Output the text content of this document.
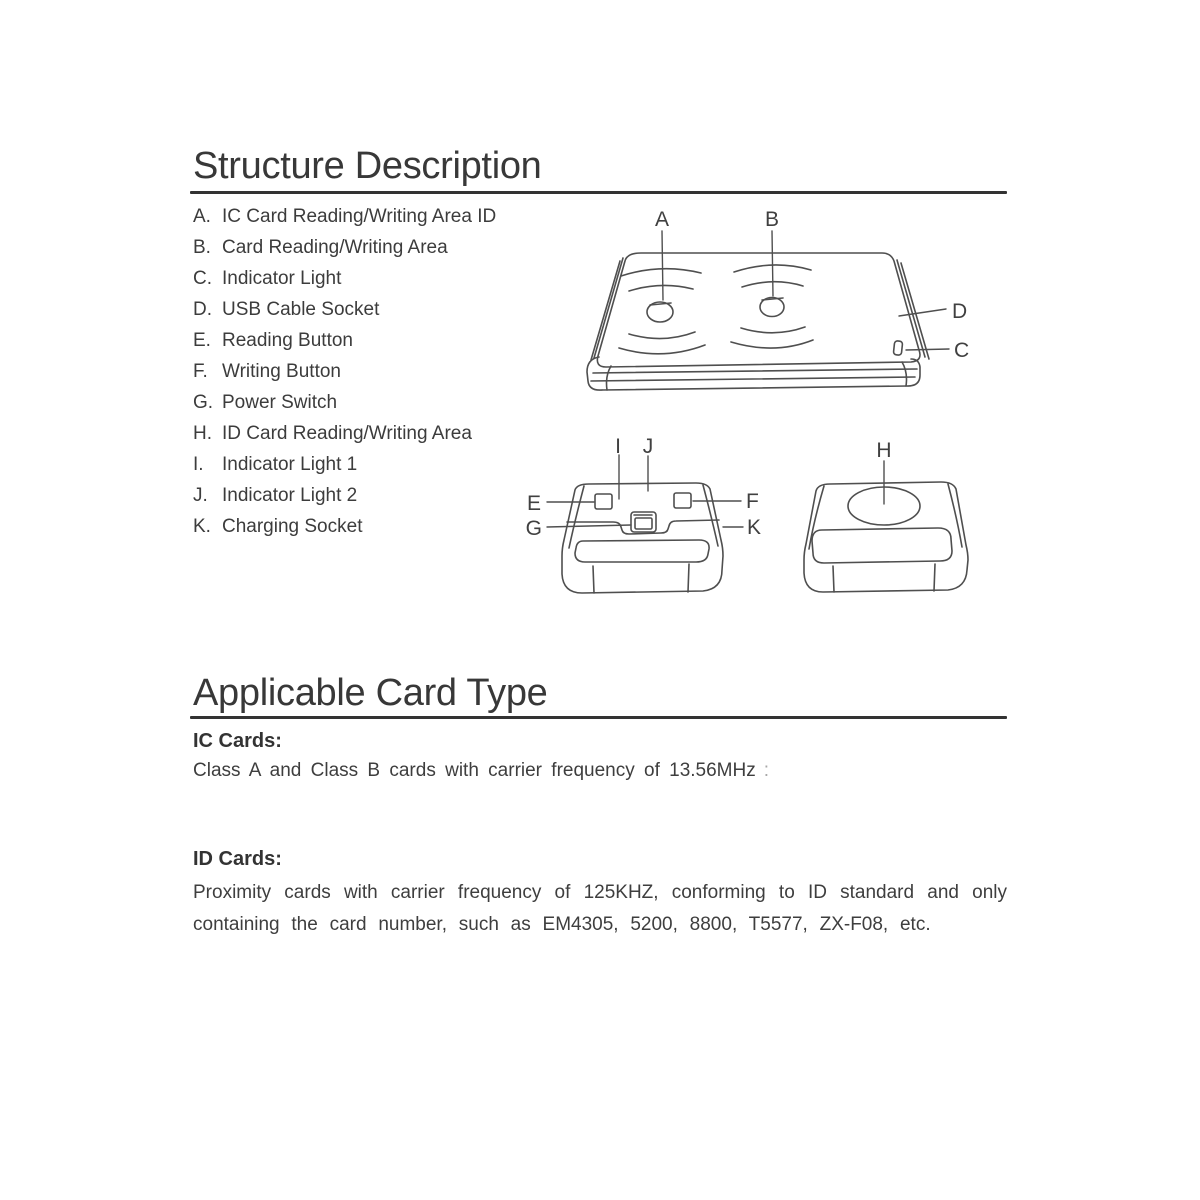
Structure Description
A. IC Card Reading/Writing Area ID
B. Card Reading/Writing Area
C. Indicator Light
D. USB Cable Socket
E. Reading Button
F. Writing Button
G. Power Switch
H. ID Card Reading/Writing Area
I. Indicator Light 1
J. Indicator Light 2
K. Charging Socket
A	B
D
C
E
G
F
K
I J	H
Applicable Card Type
IC Cards:
Class A and Class B cards with carrier frequency of 13.56MHz :
ID Cards:
Proximity cards with carrier frequency of 125KHZ, conforming to ID standard and only
containing the card number, such as EM4305, 5200, 8800, T5577, ZX-F08, etc.
